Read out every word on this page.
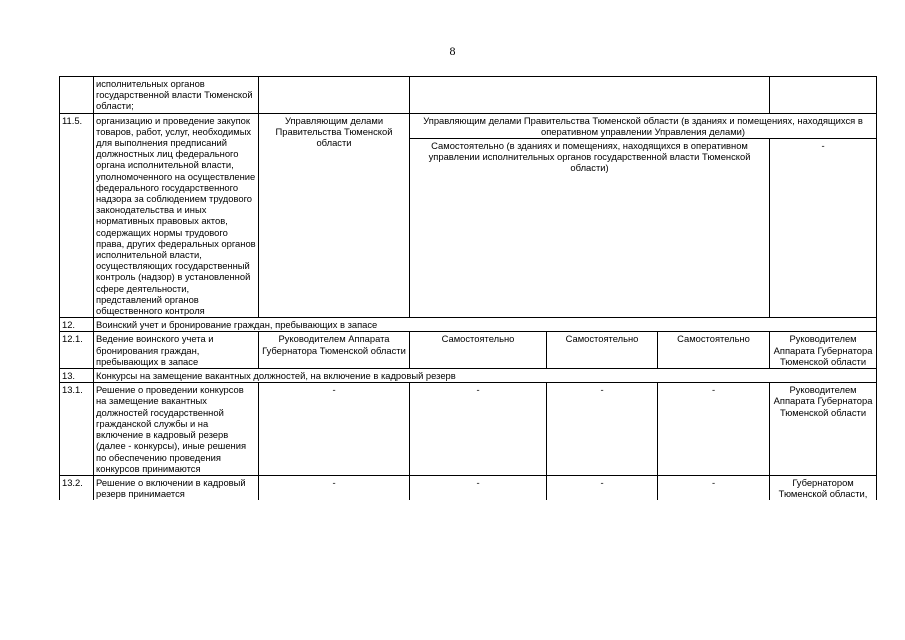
8
	исполнительных органов государственной власти Тюменской области;					
11.5.	организацию и проведение закупок товаров, работ, услуг, необходимых для выполнения предписаний должностных лиц федерального органа исполнительной власти, уполномоченного на осуществление федерального государственного надзора за соблюдением трудового законодательства и иных нормативных правовых актов, содержащих нормы трудового права, других федеральных органов исполнительной власти, осуществляющих государственный контроль (надзор) в установленной сфере деятельности, представлений органов общественного контроля	Управляющим делами Правительства Тюменской области	Управляющим делами Правительства Тюменской области (в зданиях и помещениях, находящихся в оперативном управлении Управления делами)			
			Самостоятельно (в зданиях и помещениях, находящихся в оперативном управлении исполнительных органов государственной власти Тюменской области)			-
12.	Воинский учет и бронирование граждан, пребывающих в запасе					
12.1.	Ведение воинского учета и бронирования граждан, пребывающих в запасе	Руководителем Аппарата Губернатора Тюменской области	Самостоятельно	Самостоятельно	Самостоятельно	Руководителем Аппарата Губернатора Тюменской области
13.	Конкурсы на замещение вакантных должностей, на включение в кадровый резерв					
13.1.	Решение о проведении конкурсов на замещение вакантных должностей государственной гражданской службы и на включение в кадровый резерв (далее - конкурсы), иные решения по обеспечению проведения конкурсов принимаются	-	-	-	-	Руководителем Аппарата Губернатора Тюменской области
13.2.	Решение о включении в кадровый резерв принимается	-	-	-	-	Губернатором Тюменской области,
